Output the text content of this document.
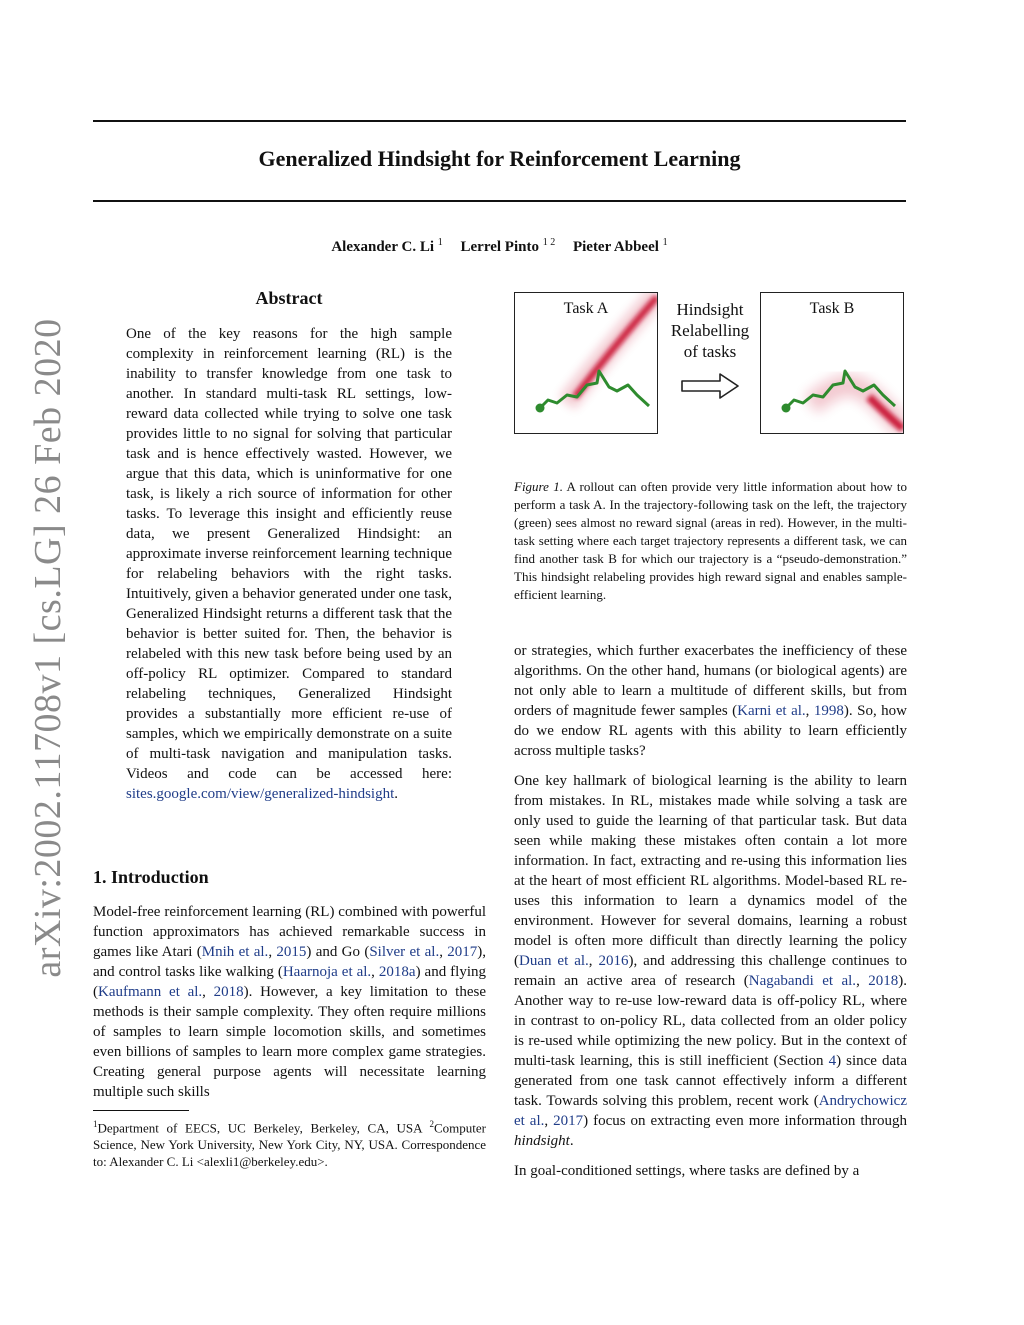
Generalized Hindsight for Reinforcement Learning
Alexander C. Li $^1$ Lerrel Pinto $^{1 2}$ Pieter Abbeel $^1$
arXiv:2002.11708v1 [cs.LG] 26 Feb 2020
Abstract
One of the key reasons for the high sample complexity in reinforcement learning (RL) is the inability to transfer knowledge from one task to another. In standard multi-task RL settings, low-reward data collected while trying to solve one task provides little to no signal for solving that particular task and is hence effectively wasted. However, we argue that this data, which is uninformative for one task, is likely a rich source of information for other tasks. To leverage this insight and efficiently reuse data, we present Generalized Hindsight: an approximate inverse reinforcement learning technique for relabeling behaviors with the right tasks. Intuitively, given a behavior generated under one task, Generalized Hindsight returns a different task that the behavior is better suited for. Then, the behavior is relabeled with this new task before being used by an off-policy RL optimizer. Compared to standard relabeling techniques, Generalized Hindsight provides a substantially more efficient re-use of samples, which we empirically demonstrate on a suite of multi-task navigation and manipulation tasks. Videos and code can be accessed here: sites.google.com/view/generalized-hindsight.
1. Introduction
Model-free reinforcement learning (RL) combined with powerful function approximators has achieved remarkable success in games like Atari (Mnih et al., 2015) and Go (Silver et al., 2017), and control tasks like walking (Haarnoja et al., 2018a) and flying (Kaufmann et al., 2018). However, a key limitation to these methods is their sample complexity. They often require millions of samples to learn simple locomotion skills, and sometimes even billions of samples to learn more complex game strategies. Creating general purpose agents will necessitate learning multiple such skills
$^1$Department of EECS, UC Berkeley, Berkeley, CA, USA $^2$Computer Science, New York University, New York City, NY, USA. Correspondence to: Alexander C. Li <alexli1@berkeley.edu>.
Task A	Hindsight
Relabelling
of tasks
Task B
Figure 1. A rollout can often provide very little information about how to perform a task A. In the trajectory-following task on the left, the trajectory (green) sees almost no reward signal (areas in red). However, in the multi-task setting where each target trajectory represents a different task, we can find another task B for which our trajectory is a “pseudo-demonstration.” This hindsight relabeling provides high reward signal and enables sample-efficient learning.

or strategies, which further exacerbates the inefficiency of these algorithms. On the other hand, humans (or biological agents) are not only able to learn a multitude of different skills, but from orders of magnitude fewer samples (Karni et al., 1998). So, how do we endow RL agents with this ability to learn efficiently across multiple tasks?

One key hallmark of biological learning is the ability to learn from mistakes. In RL, mistakes made while solving a task are only used to guide the learning of that particular task. But data seen while making these mistakes often contain a lot more information. In fact, extracting and re-using this information lies at the heart of most efficient RL algorithms. Model-based RL re-uses this information to learn a dynamics model of the environment. However for several domains, learning a robust model is often more difficult than directly learning the policy (Duan et al., 2016), and addressing this challenge continues to remain an active area of research (Nagabandi et al., 2018). Another way to re-use low-reward data is off-policy RL, where in contrast to on-policy RL, data collected from an older policy is re-used while optimizing the new policy. But in the context of multi-task learning, this is still inefficient (Section 4) since data generated from one task cannot effectively inform a different task. Towards solving this problem, recent work (Andrychowicz et al., 2017) focus on extracting even more information through hindsight.

In goal-conditioned settings, where tasks are defined by a
